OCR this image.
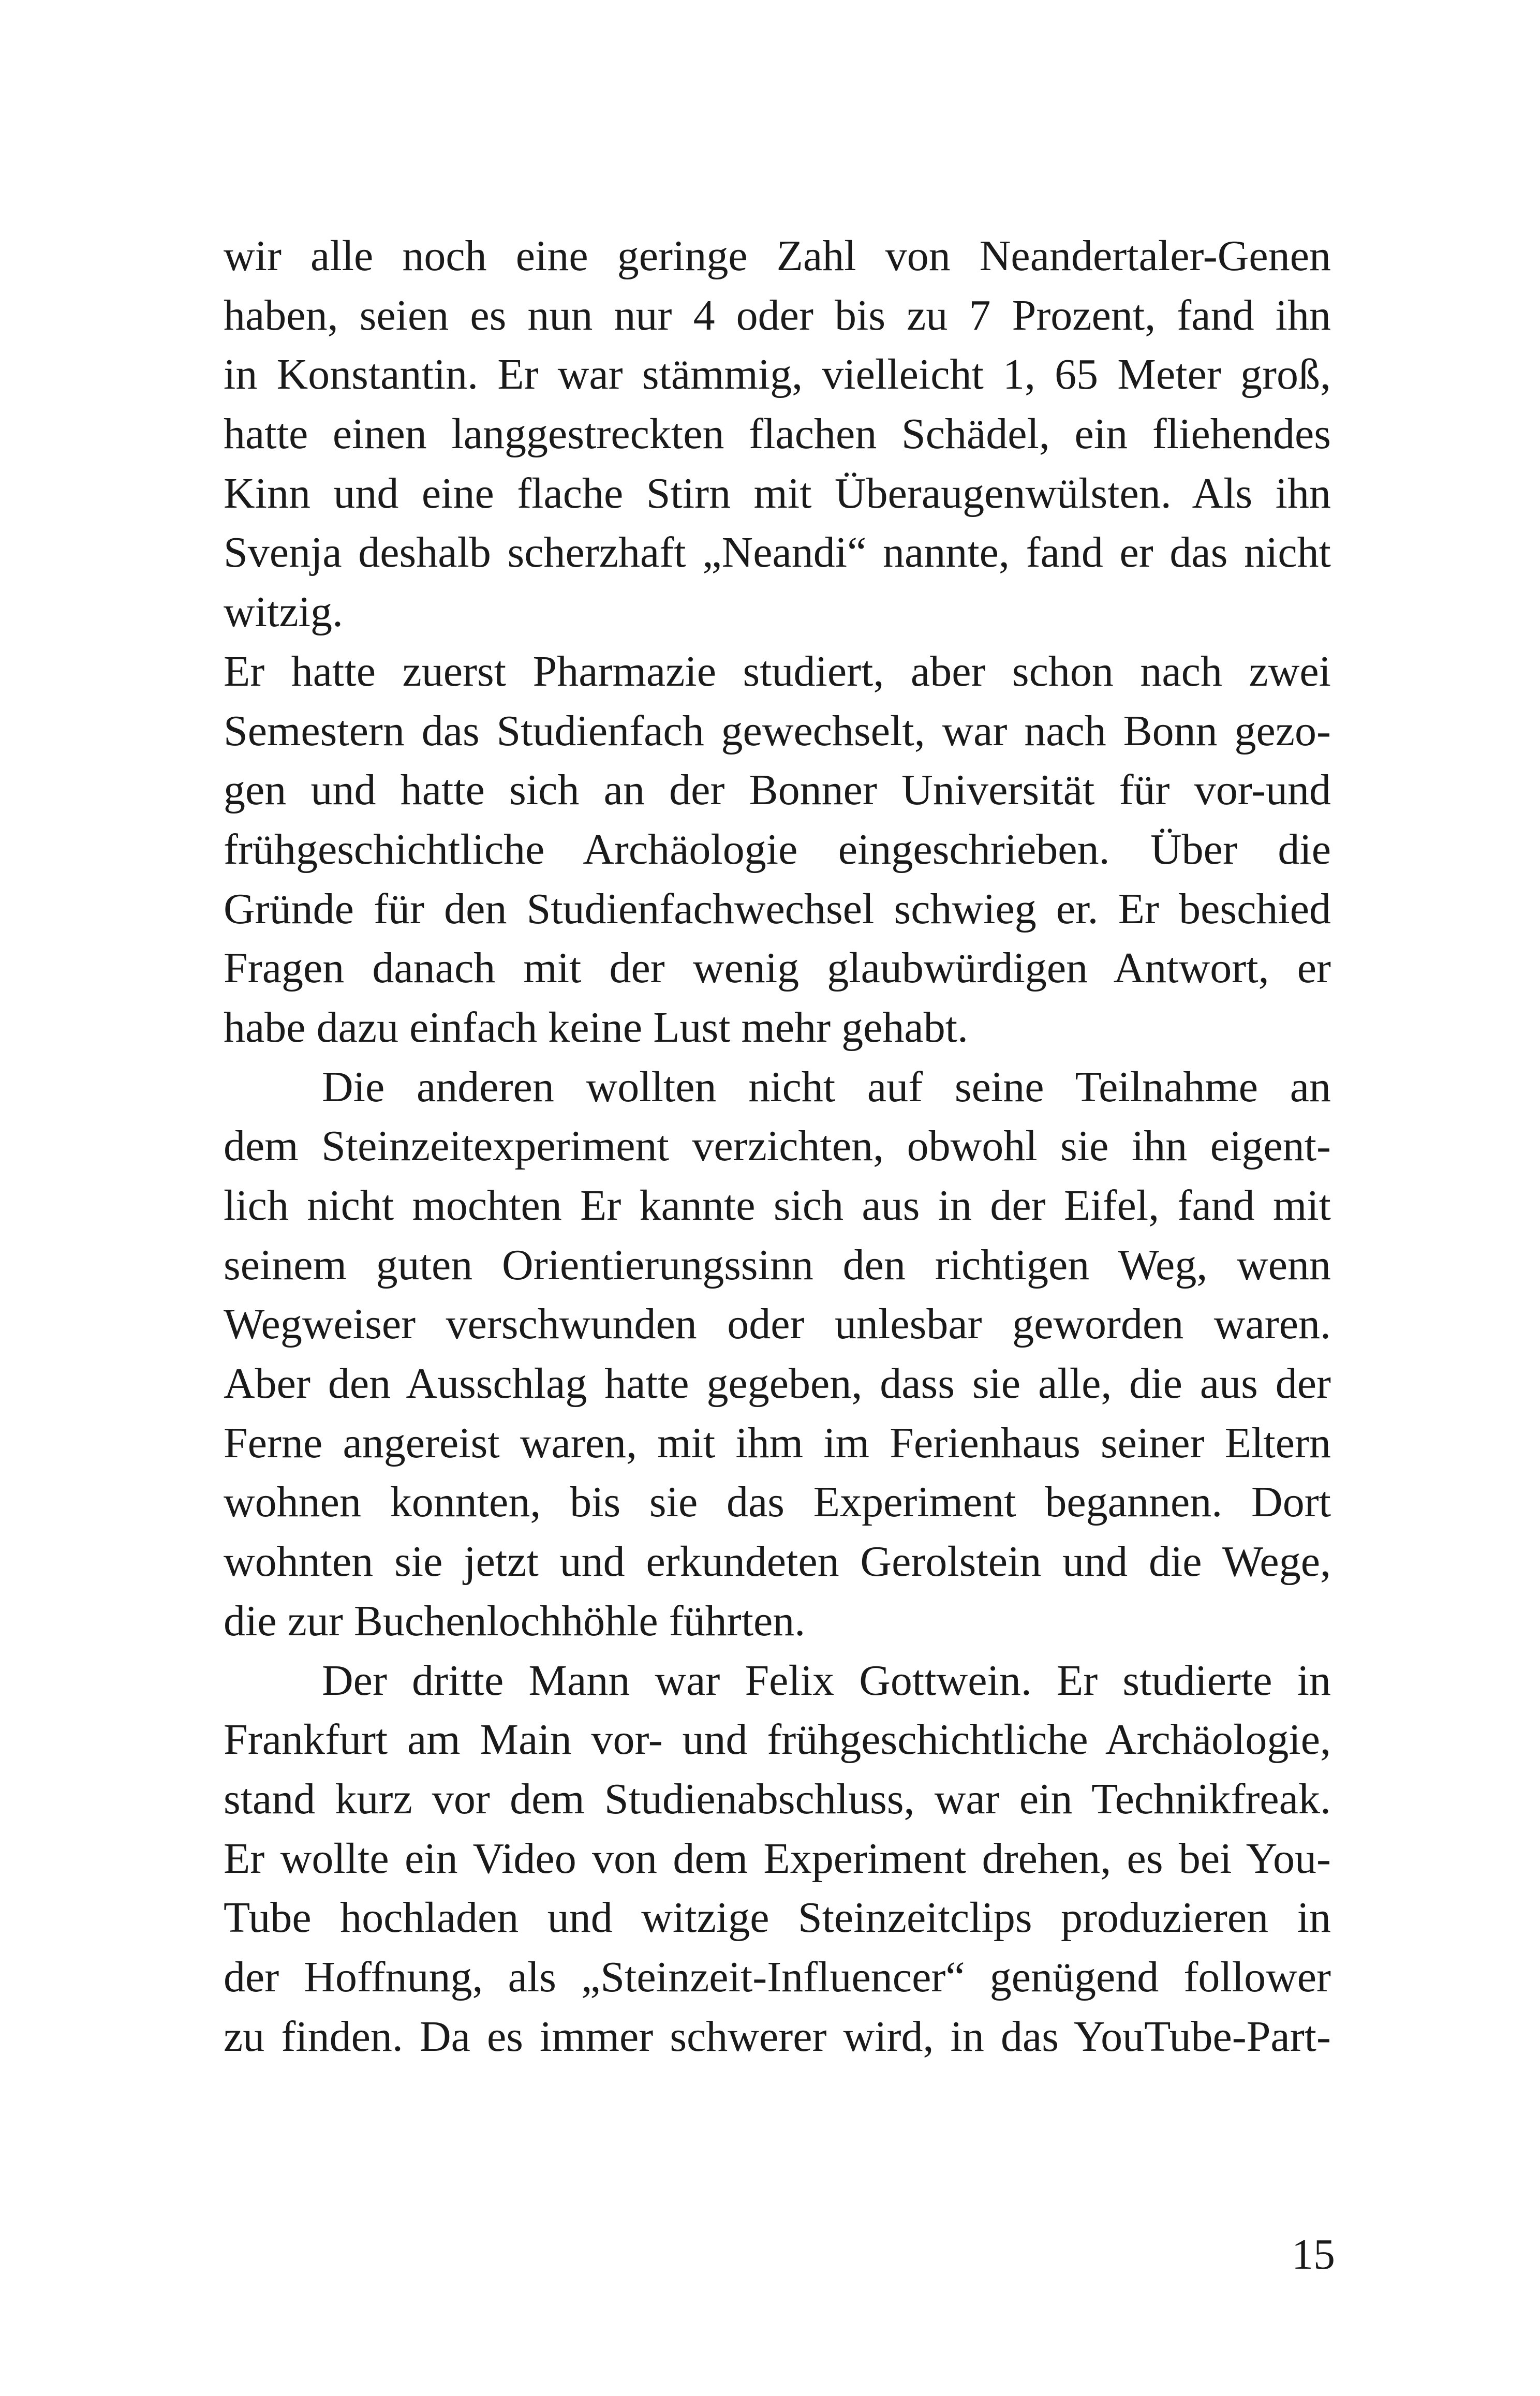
wir alle noch eine geringe Zahl von Neandertaler-Genen
haben, seien es nun nur 4 oder bis zu 7 Prozent, fand ihn
in Konstantin. Er war stämmig, vielleicht 1, 65 Meter groß,
hatte einen langgestreckten flachen Schädel, ein fliehendes
Kinn und eine flache Stirn mit Überaugenwülsten. Als ihn
Svenja deshalb scherzhaft „Neandi“ nannte, fand er das nicht
witzig.
Er hatte zuerst Pharmazie studiert, aber schon nach zwei
Semestern das Studienfach gewechselt, war nach Bonn gezo-
gen und hatte sich an der Bonner Universität für vor-und
frühgeschichtliche Archäologie eingeschrieben. Über die
Gründe für den Studienfachwechsel schwieg er. Er beschied
Fragen danach mit der wenig glaubwürdigen Antwort, er
habe dazu einfach keine Lust mehr gehabt.
Die anderen wollten nicht auf seine Teilnahme an
dem Steinzeitexperiment verzichten, obwohl sie ihn eigent-
lich nicht mochten Er kannte sich aus in der Eifel, fand mit
seinem guten Orientierungssinn den richtigen Weg, wenn
Wegweiser verschwunden oder unlesbar geworden waren.
Aber den Ausschlag hatte gegeben, dass sie alle, die aus der
Ferne angereist waren, mit ihm im Ferienhaus seiner Eltern
wohnen konnten, bis sie das Experiment begannen. Dort
wohnten sie jetzt und erkundeten Gerolstein und die Wege,
die zur Buchenlochhöhle führten.
Der dritte Mann war Felix Gottwein. Er studierte in
Frankfurt am Main vor- und frühgeschichtliche Archäologie,
stand kurz vor dem Studienabschluss, war ein Technikfreak.
Er wollte ein Video von dem Experiment drehen, es bei You-
Tube hochladen und witzige Steinzeitclips produzieren in
der Hoffnung, als „Steinzeit-Influencer“ genügend follower
zu finden. Da es immer schwerer wird, in das YouTube-Part-
15
